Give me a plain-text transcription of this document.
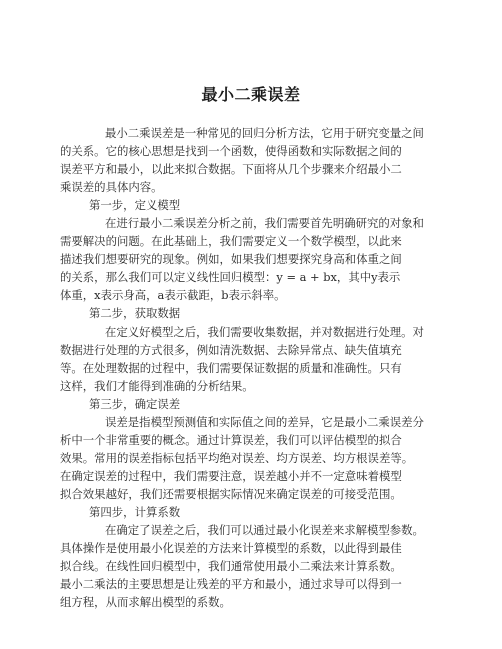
最小二乘误差
最小二乘误差是一种常见的回归分析方法，它用于研究变量之间
的关系。它的核心思想是找到一个函数，使得函数和实际数据之间的
误差平方和最小，以此来拟合数据。下面将从几个步骤来介绍最小二
乘误差的具体内容。
第一步，定义模型
在进行最小二乘误差分析之前，我们需要首先明确研究的对象和
需要解决的问题。在此基础上，我们需要定义一个数学模型，以此来
描述我们想要研究的现象。例如，如果我们想要探究身高和体重之间
的关系，那么我们可以定义线性回归模型：y = a + bx，其中y表示
体重，x表示身高，a表示截距，b表示斜率。
第二步，获取数据
在定义好模型之后，我们需要收集数据，并对数据进行处理。对
数据进行处理的方式很多，例如清洗数据、去除异常点、缺失值填充
等。在处理数据的过程中，我们需要保证数据的质量和准确性。只有
这样，我们才能得到准确的分析结果。
第三步，确定误差
误差是指模型预测值和实际值之间的差异，它是最小二乘误差分
析中一个非常重要的概念。通过计算误差，我们可以评估模型的拟合
效果。常用的误差指标包括平均绝对误差、均方误差、均方根误差等。
在确定误差的过程中，我们需要注意，误差越小并不一定意味着模型
拟合效果越好，我们还需要根据实际情况来确定误差的可接受范围。
第四步，计算系数
在确定了误差之后，我们可以通过最小化误差来求解模型参数。
具体操作是使用最小化误差的方法来计算模型的系数，以此得到最佳
拟合线。在线性回归模型中，我们通常使用最小二乘法来计算系数。
最小二乘法的主要思想是让残差的平方和最小，通过求导可以得到一
组方程，从而求解出模型的系数。
